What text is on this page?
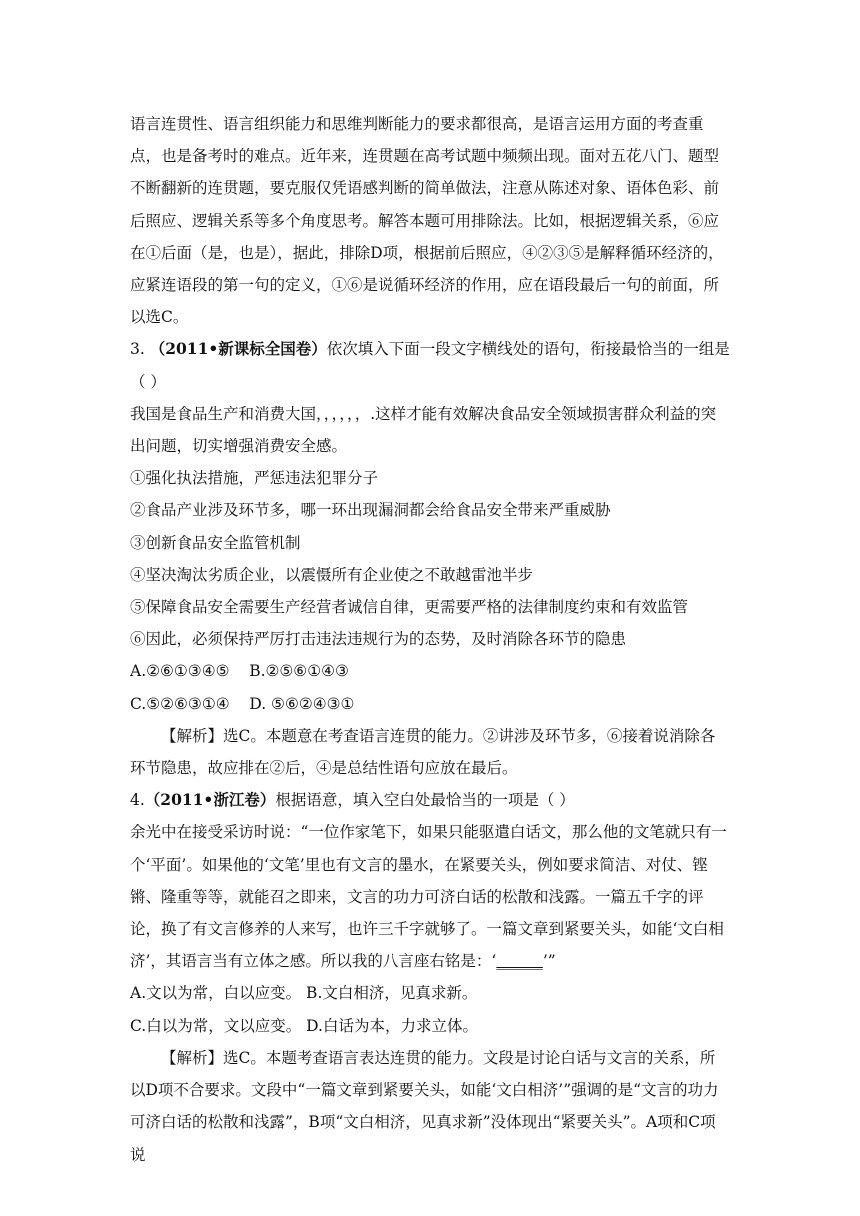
语言连贯性、语言组织能力和思维判断能力的要求都很高，是语言运用方面的考查重点，也是备考时的难点。近年来，连贯题在高考试题中频频出现。面对五花八门、题型不断翻新的连贯题，要克服仅凭语感判断的简单做法，注意从陈述对象、语体色彩、前后照应、逻辑关系等多个角度思考。解答本题可用排除法。比如，根据逻辑关系，⑥应在①后面（是，也是），据此，排除D项，根据前后照应，④②③⑤是解释循环经济的，应紧连语段的第一句的定义，①⑥是说循环经济的作用，应在语段最后一句的前面，所以选C。

3. （2011•新课标全国卷）依次填入下面一段文字横线处的语句，衔接最恰当的一组是（ ）

我国是食品生产和消费大国，，，，，，.这样才能有效解决食品安全领域损害群众利益的突出问题，切实增强消费安全感。

①强化执法措施，严惩违法犯罪分子

②食品产业涉及环节多，哪一环出现漏洞都会给食品安全带来严重威胁

③创新食品安全监管机制

④坚决淘汰劣质企业，以震慑所有企业使之不敢越雷池半步

⑤保障食品安全需要生产经营者诚信自律，更需要严格的法律制度约束和有效监管

⑥因此，必须保持严厉打击违法违规行为的态势，及时消除各环节的隐患

A.②⑥①③④⑤    B.②⑤⑥①④③

C.⑤②⑥③①④    D. ⑤⑥②④③①

【解析】选C。本题意在考查语言连贯的能力。②讲涉及环节多，⑥接着说消除各环节隐患，故应排在②后，④是总结性语句应放在最后。

4.（2011•浙江卷）根据语意，填入空白处最恰当的一项是（ ）

余光中在接受采访时说：“一位作家笔下，如果只能驱遣白话文，那么他的文笔就只有一个‘平面’。如果他的‘文笔’里也有文言的墨水，在紧要关头，例如要求简洁、对仗、铿锵、隆重等等，就能召之即来，文言的功力可济白话的松散和浅露。一篇五千字的评论，换了有文言修养的人来写，也许三千字就够了。一篇文章到紧要关头，如能‘文白相济’，其语言当有立体之感。所以我的八言座右铭是：‘______’”

A.文以为常，白以应变。 B.文白相济，见真求新。

C.白以为常，文以应变。 D.白话为本，力求立体。

【解析】选C。本题考查语言表达连贯的能力。文段是讨论白话与文言的关系，所以D项不合要求。文段中“一篇文章到紧要关头，如能‘文白相济’”强调的是“文言的功力可济白话的松散和浅露”，B项“文白相济，见真求新”没体现出“紧要关头”。A项和C项说
